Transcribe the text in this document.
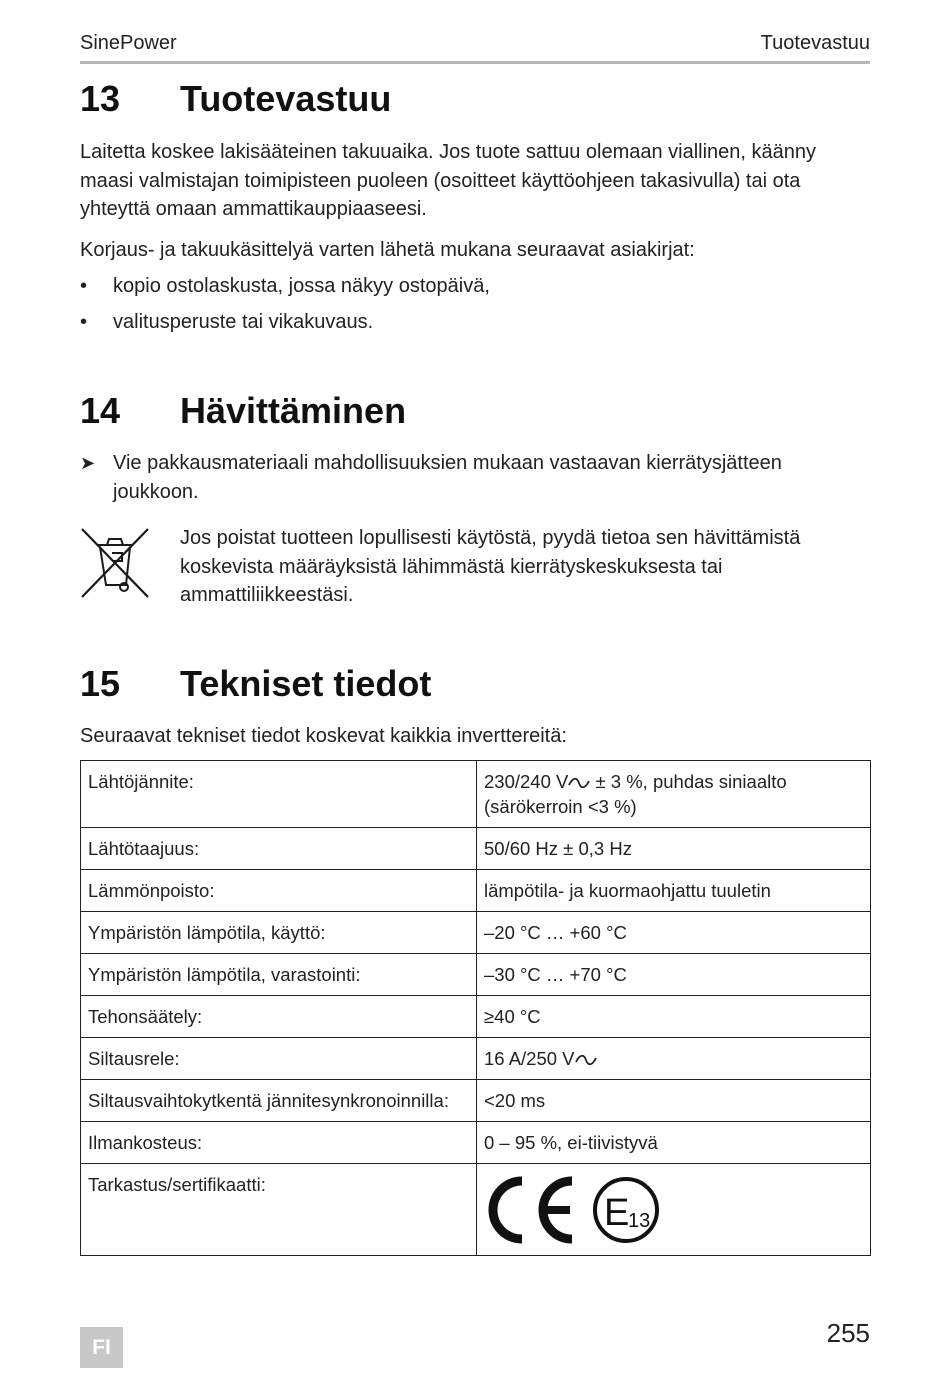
SinePower	Tuotevastuu
13 Tuotevastuu
Laitetta koskee lakisääteinen takuuaika. Jos tuote sattuu olemaan viallinen, käänny maasi valmistajan toimipisteen puoleen (osoitteet käyttöohjeen takasivulla) tai ota yhteyttä omaan ammattikauppiaaseesi.
Korjaus- ja takuukäsittelyä varten lähetä mukana seuraavat asiakirjat:
• kopio ostolaskusta, jossa näkyy ostopäivä,
• valitusperuste tai vikakuvaus.
14 Hävittäminen
➤ Vie pakkausmateriaali mahdollisuuksien mukaan vastaavan kierrätysjätteen joukkoon.
Jos poistat tuotteen lopullisesti käytöstä, pyydä tietoa sen hävittämistä koskevista määräyksistä lähimmästä kierrätyskeskuksesta tai ammattiliikkeestäsi.
15 Tekniset tiedot
Seuraavat tekniset tiedot koskevat kaikkia inverttereitä:
Lähtöjännite:	230/240 V ± 3 %, puhdas siniaalto (särökerroin <3 %)
Lähtötaajuus:	50/60 Hz ± 0,3 Hz
Lämmönpoisto:	lämpötila- ja kuormaohjattu tuuletin
Ympäristön lämpötila, käyttö:	–20 °C … +60 °C
Ympäristön lämpötila, varastointi:	–30 °C … +70 °C
Tehonsäätely:	≥40 °C
Siltausrele:	16 A/250 V
Siltausvaihtokytkentä jännitesynkronoinnilla:	<20 ms
Ilmankosteus:	0 – 95 %, ei-tiivistyvä
Tarkastus/sertifikaatti:	E
13
FI	255
